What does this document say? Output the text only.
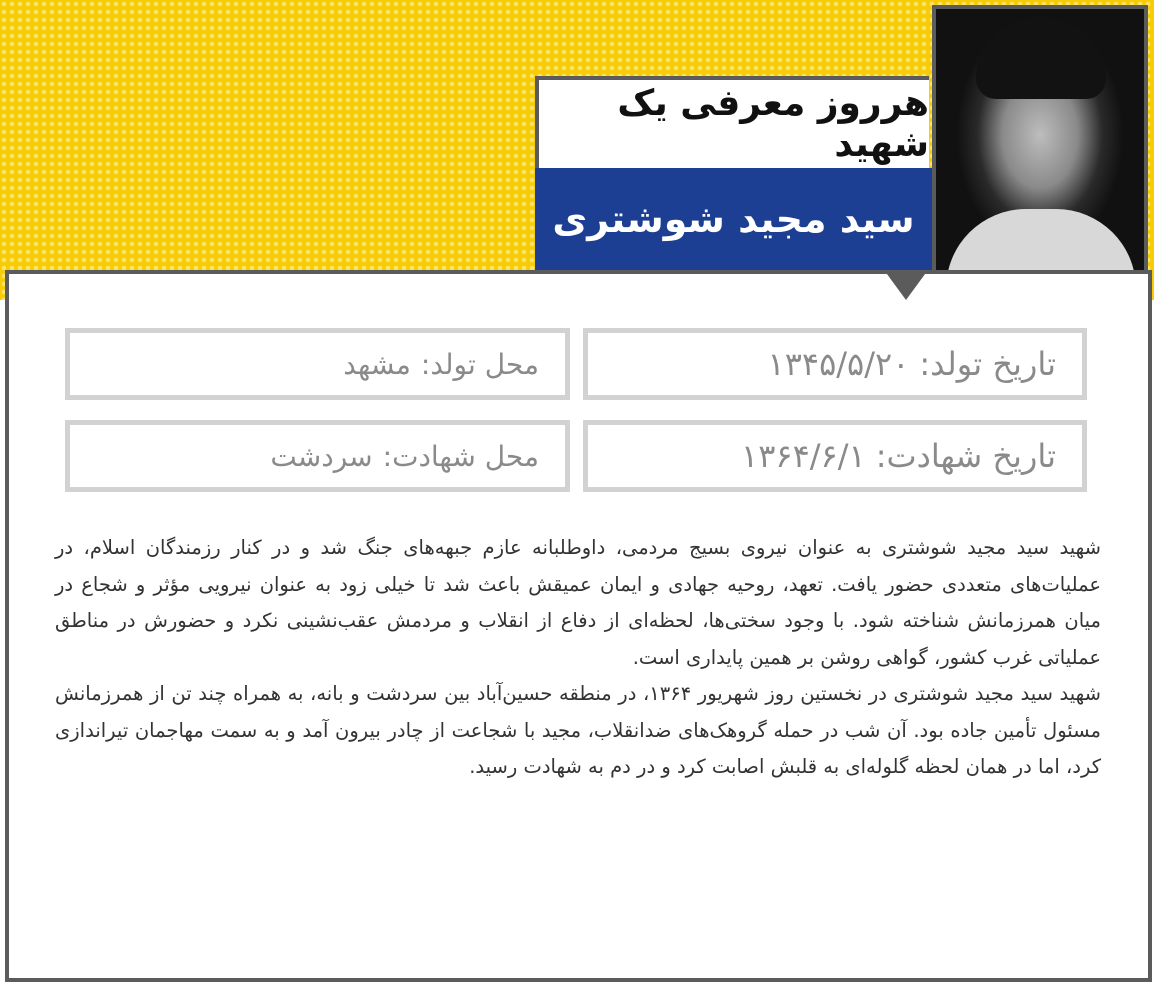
هرروز معرفی یک شهید
سید مجید شوشتری
تاریخ تولد:
۱۳۴۵/۵/۲۰
محل تولد:
مشهد
تاریخ شهادت:
۱۳۶۴/۶/۱
محل شهادت:
سردشت

شهید سید مجید شوشتری به عنوان نیروی بسیج مردمی، داوطلبانه عازم جبهه‌های جنگ شد و در کنار رزمندگان اسلام، در عملیات‌های متعددی حضور یافت. تعهد، روحیه جهادی و ایمان عمیقش باعث شد تا خیلی زود به عنوان نیرویی مؤثر و شجاع در میان همرزمانش شناخته شود. با وجود سختی‌ها، لحظه‌ای از دفاع از انقلاب و مردمش عقب‌نشینی نکرد و حضورش در مناطق عملیاتی غرب کشور، گواهی روشن بر همین پایداری است.

شهید سید مجید شوشتری در نخستین روز شهریور ۱۳۶۴، در منطقه حسین‌آباد بین سردشت و بانه، به همراه چند تن از همرزمانش مسئول تأمین جاده بود. آن شب در حمله گروهک‌های ضدانقلاب، مجید با شجاعت از چادر بیرون آمد و به سمت مهاجمان تیراندازی کرد، اما در همان لحظه گلوله‌ای به قلبش اصابت کرد و در دم به شهادت رسید.
